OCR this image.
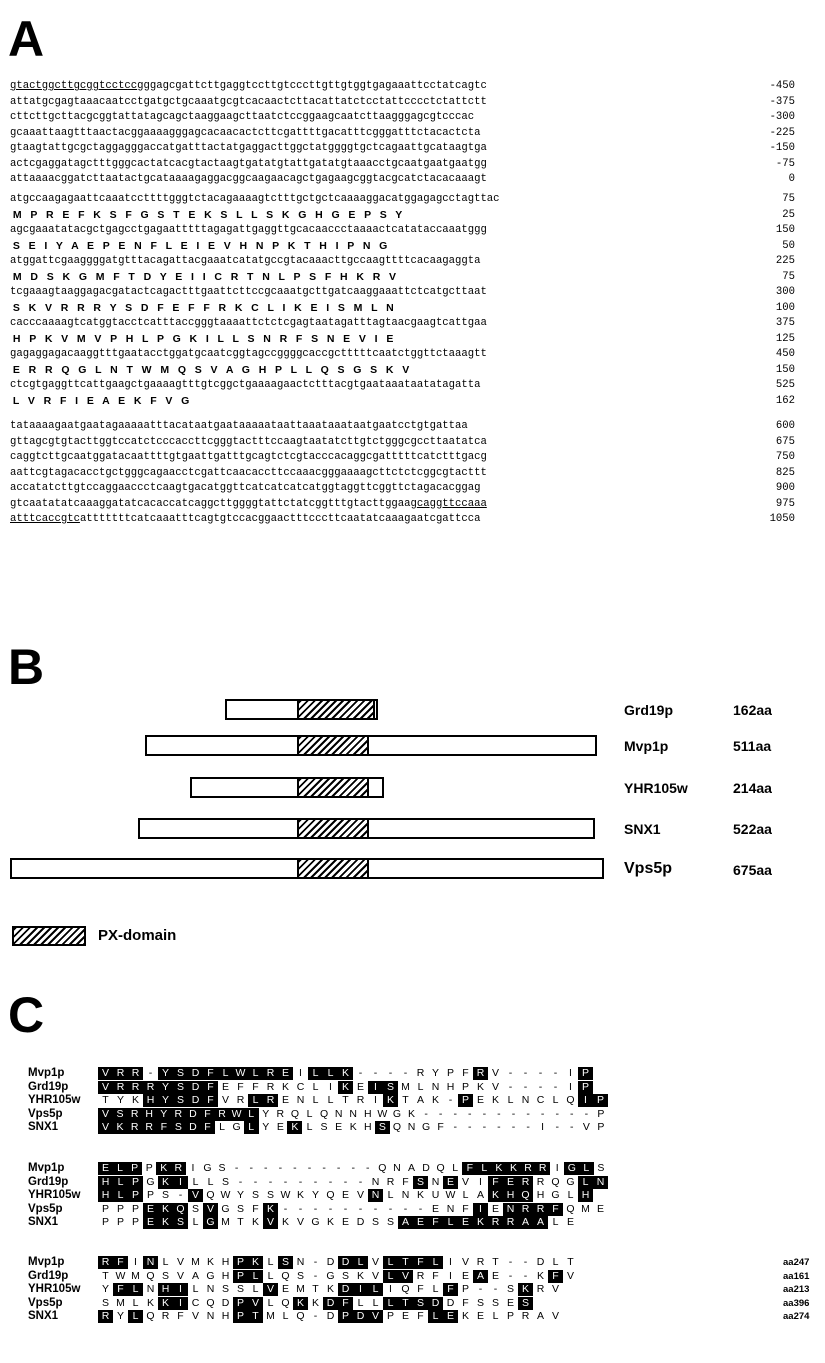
A
gtactggcttgcggtcctccgggagcgattcttgaggtccttgtcccttgttgtggtgagaaattcctatcagtc	-450
attatgcgagtaaacaatcctgatgctgcaaatgcgtcacaactcttacattatctcctattcccctctattctt	-375
cttcttgcttacgcggtattatagcagctaaggaagcttaatctccggaagcaatcttaagggagcgtcccac	-300
gcaaattaagtttaactacggaaaagggagcacaacactcttcgattttgacatttcgggatttctacactcta	-225
gtaagtattgcgctaggagggaccatgatttactatgaggacttggctatggggtgctcagaattgcataagtga	-150
actcgaggatagctttgggcactatcacgtactaagtgatatgtattgatatgtaaacctgcaatgaatgaatgg	-75
attaaaacggatcttaatactgcataaaagaggacggcaagaacagctgagaagcggtacgcatctacacaaagt	0
atgccaagagaattcaaatccttttgggtctacagaaaagtctttgctgctcaaaaggacatggagagcctagttac	75
M   P   R   E   F   K   S   F   G   S   T   E   K   S   L   L   S   K   G   H   G   E   P   S   Y	25
agcgaaatatacgctgagcctgagaatttttagagattgaggttgcacaaccctaaaactcatataccaaatggg	150
S   E   I   Y   A   E   P   E   N   F   L   E   I   E   V   H   N   P   K   T   H   I   P   N   G	50
atggattcgaaggggatgtttacagattacgaaatcatatgccgtacaaacttgccaagttttcacaagaggta	225
M   D   S   K   G   M   F   T   D   Y   E   I   I   C   R   T   N   L   P   S   F   H   K   R   V	75
tcgaaagtaaggagacgatactcagactttgaattcttccgcaaatgcttgatcaaggaaattctcatgcttaat	300
S   K   V   R   R   R   Y   S   D   F   E   F   F   R   K   C   L   I   K   E   I   S   M   L   N	100
cacccaaaagtcatggtacctcatttaccgggtaaaattctctcgagtaatagatttagtaacgaagtcattgaa	375
H   P   K   V   M   V   P   H   L   P   G   K   I   L   L   S   N   R   F   S   N   E   V   I   E	125
gagaggagacaaggtttgaatacctggatgcaatcggtagccggggcaccgctttttcaatctggttctaaagtt	450
E   R   R   Q   G   L   N   T   W   M   Q   S   V   A   G   H   P   L   L   Q   S   G   S   K   V	150
ctcgtgaggttcattgaagctgaaaagtttgtcggctgaaaagaactctttacgtgaataaataatatagatta	525
L   V   R   F   I   E   A   E   K   F   V   G	162
tataaaagaatgaatagaaaaatttacataatgaataaaaataattaaataaataatgaatcctgtgattaa	600
gttagcgtgtacttggtccatctcccaccttcgggtactttccaagtaatatcttgtctgggcgccttaatatca	675
caggtcttgcaatggatacaattttgtgaattgatttgcagtctcgtacccacaggcgatttttcatctttgacg	750
aattcgtagacacctgctgggcagaacctcgattcaacaccttccaaacgggaaaagcttctctcggcgtacttt	825
accatatcttgtccaggaaccctcaagtgacatggttcatcatcatcatggtaggttcggttctagacacggag	900
gtcaatatatcaaaggatatcacaccatcaggcttggggtattctatcggtttgtacttggaagcaggttccaaa	975
atttcaccgtcatttttttcatcaaatttcagtgtccacggaactttcccttcaatatcaaagaatcgattcca	1050
B
Grd19p	162aa
Mvp1p	511aa
YHR105w	214aa
SNX1	522aa
Vps5p	675aa
PX-domain
C
Mvp1p	V R R - Y S D F L W L R E I	L L K -	-	-	- R Y P F R V -	-	-	-	I P
Grd19p	V R R R Y S D F E F F R K C L	I K E I S M L N H P K V -	-	-	-	I P
YHR105w	T Y K H Y S D F V R L R E N L L T R I K T A K - P E K L N C L Q I P
Vps5p	V S R H Y R D F R W L Y R Q L Q N N H W G K -	-	-	-	-	-	-	-	-	-	-	- P
SNX1	V K R R F S D F L G L Y E K L S E K H S Q N G F -	-	-	-	-	-	I	-	- V P
Mvp1p	E L P P K R I G S -	-	-	-	-	-	-	-	-	- Q N A D Q L F L K K R R I G L S
Grd19p	H L P G K I	L L S -	-	-	-	-	-	-	-	- N R F S N E V I F E R R Q G L N
YHR105w	H L P P S - V Q W Y S S W K Y Q E V N L N K U W L A K H Q H G L H
Vps5p	P P P E K Q S V G S F K -	-	-	-	-	-	-	-	-	- E N F I E N R R F Q M E
SNX1	P P P E K S L G M T K V K V G K E D S S A E F L E K R R A A L E
Mvp1p	R F I N L V M K H P K L S N - D D L V L T F L	I V R T -	- D L T	aa247
Grd19p	T W M Q S V A G H P L L Q S - G S K V L V R F I E A E -	- K F V	aa161
YHR105w	Y F L N H I	L N S S L V E M T K D I	L	I Q F L F P -	- S K R V	aa213
Vps5p	S M L K K I C Q D P V L Q K K D F L L L T S D D F S S E S	aa396
SNX1	R Y L Q R F V N H P T M L Q - D P D V P E F L E K E L P R A V	aa274
